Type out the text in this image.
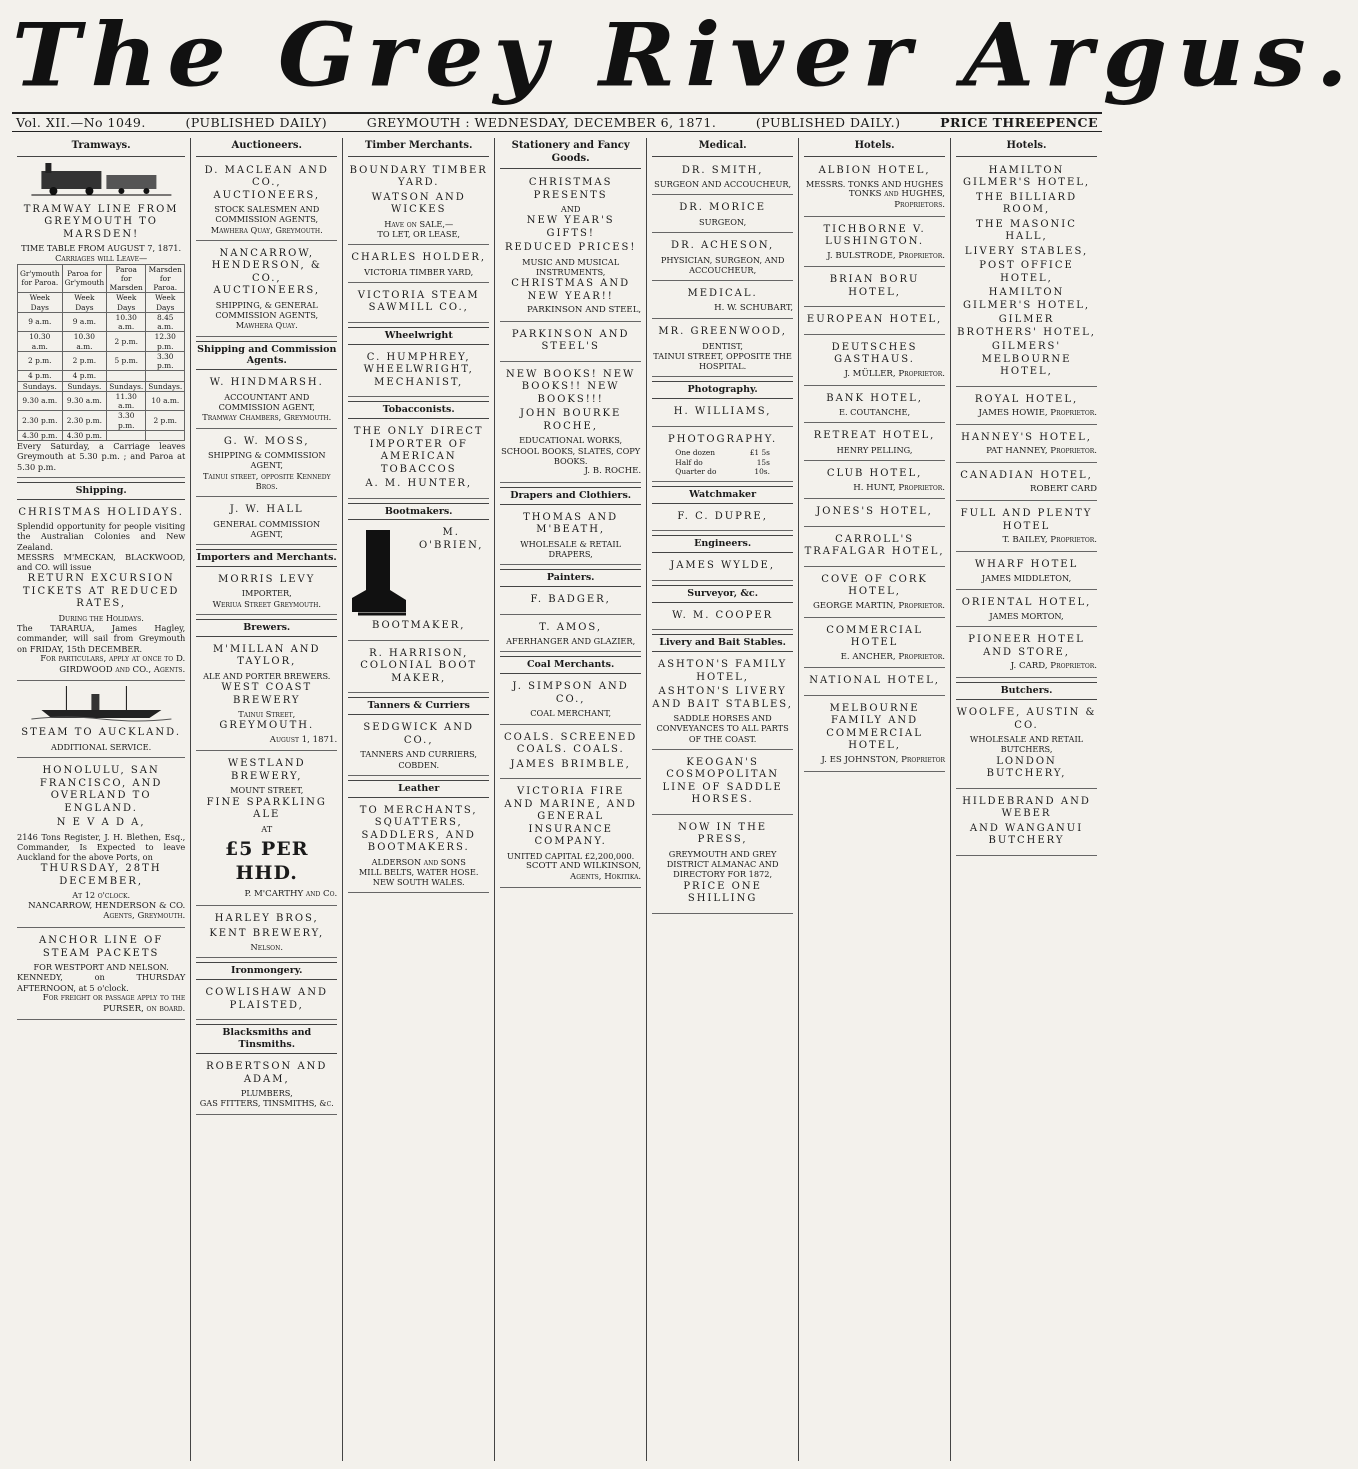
The Grey River Argus.
Vol. XII.—No 1049.	(PUBLISHED DAILY)	GREYMOUTH : WEDNESDAY, DECEMBER 6, 1871.	(PUBLISHED DAILY.)	PRICE THREEPENCE
Tramways.
TRAMWAY LINE FROM GREYMOUTH TO MARSDEN!
TIME TABLE FROM AUGUST 7, 1871.
Carriages will Leave—
Gr'ymouth for Paroa.	Paroa for Gr'ymouth	Paroa for Marsden	Marsden for Paroa.
Week Days	Week Days	Week Days	Week Days
9 a.m.	9 a.m.	10.30 a.m.	8.45 a.m.
10.30 a.m.	10.30 a.m.	2 p.m.	12.30 p.m.
2 p.m.	2 p.m.	5 p.m.	3.30 p.m.
4 p.m.	4 p.m.		
Sundays.	Sundays.	Sundays.	Sundays.
9.30 a.m.	9.30 a.m.	11.30 a.m.	10 a.m.
2.30 p.m.	2.30 p.m.	3.30 p.m.	2 p.m.
4.30 p.m.	4.30 p.m.		
Every Saturday, a Carriage leaves Greymouth at 5.30 p.m. ; and Paroa at 5.30 p.m.
Shipping.
CHRISTMAS HOLIDAYS.
Splendid opportunity for people visiting the Australian Colonies and New Zealand.
MESSRS M'MECKAN, BLACKWOOD, and CO. will issue
RETURN EXCURSION TICKETS AT REDUCED RATES,
During the Holidays.
The TARARUA, James Hagley, commander, will sail from Greymouth on FRIDAY, 15th DECEMBER.
For particulars, apply at once to D. GIRDWOOD and CO., Agents.
STEAM TO AUCKLAND.
ADDITIONAL SERVICE.
HONOLULU, SAN FRANCISCO, AND OVERLAND TO ENGLAND.
N E V A D A,
2146 Tons Register, J. H. Blethen, Esq., Commander, Is Expected to leave Auckland for the above Ports, on
THURSDAY, 28TH DECEMBER,
At 12 o'clock.
NANCARROW, HENDERSON & CO. Agents, Greymouth.
ANCHOR LINE OF STEAM PACKETS
FOR WESTPORT AND NELSON.
KENNEDY, on THURSDAY AFTERNOON, at 5 o'clock.
For freight or passage apply to the PURSER, on board.
Auctioneers.
D. MACLEAN AND CO., AUCTIONEERS,
STOCK SALESMEN AND COMMISSION AGENTS,
Mawhera Quay, Greymouth.
NANCARROW, HENDERSON, & CO., AUCTIONEERS,
SHIPPING, & GENERAL COMMISSION AGENTS,
Mawhera Quay.
Shipping and Commission Agents.
W. HINDMARSH.
ACCOUNTANT AND COMMISSION AGENT,
Tramway Chambers, Greymouth.
G. W. MOSS,
SHIPPING & COMMISSION AGENT,
Tainui street, opposite Kennedy Bros.
J. W. HALL
GENERAL COMMISSION AGENT,
Importers and Merchants.
MORRIS LEVY
IMPORTER,
Weriua Street Greymouth.
Brewers.
M'MILLAN AND TAYLOR,
ALE AND PORTER BREWERS.
WEST COAST BREWERY
Tainui Street,
GREYMOUTH.
August 1, 1871.
WESTLAND BREWERY,
MOUNT STREET,
FINE SPARKLING ALE
AT
£5 PER HHD.
P. M'CARTHY and Co.
HARLEY BROS,
KENT BREWERY,
Nelson.
Ironmongery.
COWLISHAW AND PLAISTED,
Blacksmiths and Tinsmiths.
ROBERTSON AND ADAM,
PLUMBERS,
GAS FITTERS, TINSMITHS, &c.
Timber Merchants.
BOUNDARY TIMBER YARD.
WATSON AND WICKES
Have on SALE,—
TO LET, OR LEASE,
CHARLES HOLDER,
VICTORIA TIMBER YARD,
VICTORIA STEAM SAWMILL CO.,
Wheelwright
C. HUMPHREY, WHEELWRIGHT, MECHANIST,
Tobacconists.
THE ONLY DIRECT IMPORTER OF AMERICAN TOBACCOS
A. M. HUNTER,
Bootmakers.
M. O'BRIEN, BOOTMAKER,
R. HARRISON, COLONIAL BOOT MAKER,
Tanners & Curriers
SEDGWICK AND CO.,
TANNERS AND CURRIERS, COBDEN.
Leather
TO MERCHANTS, SQUATTERS, SADDLERS, AND BOOTMAKERS.
ALDERSON and SONS
MILL BELTS, WATER HOSE.
NEW SOUTH WALES.
Stationery and Fancy Goods.
CHRISTMAS PRESENTS
AND
NEW YEAR'S GIFTS!
REDUCED PRICES!
MUSIC AND MUSICAL INSTRUMENTS,
CHRISTMAS AND NEW YEAR!!
PARKINSON AND STEEL,
PARKINSON AND STEEL'S
NEW BOOKS! NEW BOOKS!! NEW BOOKS!!!
JOHN BOURKE ROCHE,
EDUCATIONAL WORKS, SCHOOL BOOKS, SLATES, COPY BOOKS.
J. B. ROCHE.
Drapers and Clothiers.
THOMAS AND M'BEATH,
WHOLESALE & RETAIL DRAPERS,
Painters.
F. BADGER,
T. AMOS,
AFERHANGER AND GLAZIER,
Coal Merchants.
J. SIMPSON AND CO.,
COAL MERCHANT,
COALS. SCREENED COALS. COALS.
JAMES BRIMBLE,
VICTORIA FIRE AND MARINE, AND GENERAL INSURANCE COMPANY.
UNITED CAPITAL £2,200,000.
SCOTT AND WILKINSON, Agents, Hokitika.
Medical.
DR. SMITH,
SURGEON AND ACCOUCHEUR,
DR. MORICE
SURGEON,
DR. ACHESON,
PHYSICIAN, SURGEON, AND ACCOUCHEUR,
MEDICAL.
H. W. SCHUBART,
MR. GREENWOOD,
DENTIST,
TAINUI STREET, OPPOSITE THE HOSPITAL.
Photography.
H. WILLIAMS,
PHOTOGRAPHY.
One dozen	£1 5s
Half do	15s
Quarter do	10s.
Watchmaker
F. C. DUPRE,
Engineers.
JAMES WYLDE,
Surveyor, &c.
W. M. COOPER
Livery and Bait Stables.
ASHTON'S FAMILY HOTEL,
ASHTON'S LIVERY AND BAIT STABLES,
SADDLE HORSES AND CONVEYANCES TO ALL PARTS OF THE COAST.
KEOGAN'S COSMOPOLITAN LINE OF SADDLE HORSES.
NOW IN THE PRESS,
GREYMOUTH AND GREY DISTRICT ALMANAC AND DIRECTORY FOR 1872,
PRICE ONE SHILLING
Hotels.
ALBION HOTEL,
MESSRS. TONKS AND HUGHES
TONKS and HUGHES, Proprietors.
TICHBORNE V. LUSHINGTON.
J. BULSTRODE, Proprietor.
BRIAN BORU HOTEL,
EUROPEAN HOTEL,
DEUTSCHES GASTHAUS.
J. MÜLLER, Proprietor.
BANK HOTEL,
E. COUTANCHE,
RETREAT HOTEL,
HENRY PELLING,
CLUB HOTEL,
H. HUNT, Proprietor.
JONES'S HOTEL,
CARROLL'S TRAFALGAR HOTEL,
COVE OF CORK HOTEL,
GEORGE MARTIN, Proprietor.
COMMERCIAL HOTEL
E. ANCHER, Proprietor.
NATIONAL HOTEL,
MELBOURNE FAMILY AND COMMERCIAL HOTEL,
J. ES JOHNSTON, Proprietor
Hotels.
HAMILTON GILMER'S HOTEL,
THE BILLIARD ROOM,
THE MASONIC HALL,
LIVERY STABLES,
POST OFFICE HOTEL,
HAMILTON GILMER'S HOTEL,
GILMER BROTHERS' HOTEL,
GILMERS' MELBOURNE HOTEL,
ROYAL HOTEL,
JAMES HOWIE, Proprietor.
HANNEY'S HOTEL,
PAT HANNEY, Proprietor.
CANADIAN HOTEL,
ROBERT CARD
FULL AND PLENTY HOTEL
T. BAILEY, Proprietor.
WHARF HOTEL
JAMES MIDDLETON,
ORIENTAL HOTEL,
JAMES MORTON,
PIONEER HOTEL AND STORE,
J. CARD, Proprietor.
Butchers.
WOOLFE, AUSTIN & CO.
WHOLESALE AND RETAIL BUTCHERS,
LONDON BUTCHERY,
HILDEBRAND AND WEBER
AND WANGANUI BUTCHERY
